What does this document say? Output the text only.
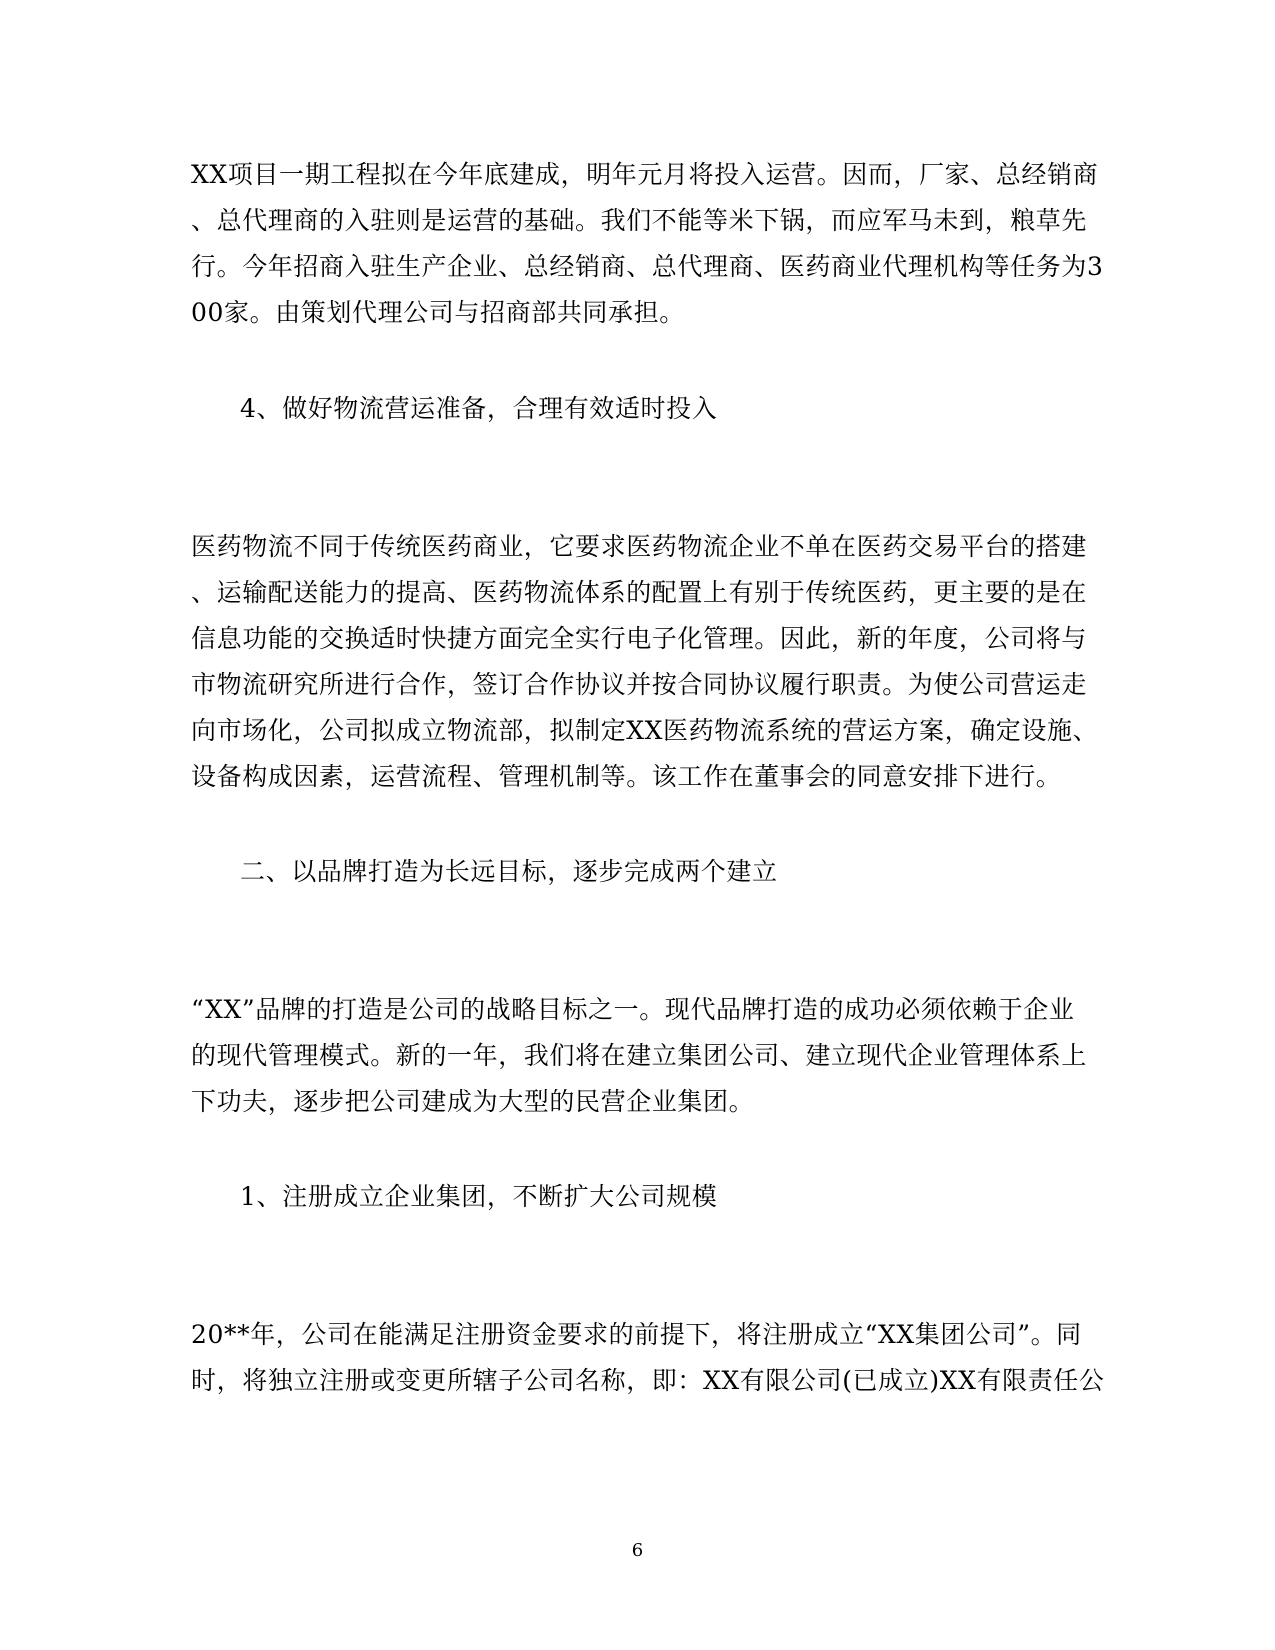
XX项目一期工程拟在今年底建成，明年元月将投入运营。因而，厂家、总经销商
、总代理商的入驻则是运营的基础。我们不能等米下锅，而应军马未到，粮草先
行。今年招商入驻生产企业、总经销商、总代理商、医药商业代理机构等任务为3
00家。由策划代理公司与招商部共同承担。
4、做好物流营运准备，合理有效适时投入
医药物流不同于传统医药商业，它要求医药物流企业不单在医药交易平台的搭建
、运输配送能力的提高、医药物流体系的配置上有别于传统医药，更主要的是在
信息功能的交换适时快捷方面完全实行电子化管理。因此，新的年度，公司将与
市物流研究所进行合作，签订合作协议并按合同协议履行职责。为使公司营运走
向市场化，公司拟成立物流部，拟制定XX医药物流系统的营运方案，确定设施、
设备构成因素，运营流程、管理机制等。该工作在董事会的同意安排下进行。
二、以品牌打造为长远目标，逐步完成两个建立
“XX”品牌的打造是公司的战略目标之一。现代品牌打造的成功必须依赖于企业
的现代管理模式。新的一年，我们将在建立集团公司、建立现代企业管理体系上
下功夫，逐步把公司建成为大型的民营企业集团。
1、注册成立企业集团，不断扩大公司规模
20**年，公司在能满足注册资金要求的前提下，将注册成立“XX集团公司”。同
时，将独立注册或变更所辖子公司名称，即：XX有限公司(已成立)XX有限责任公
6
